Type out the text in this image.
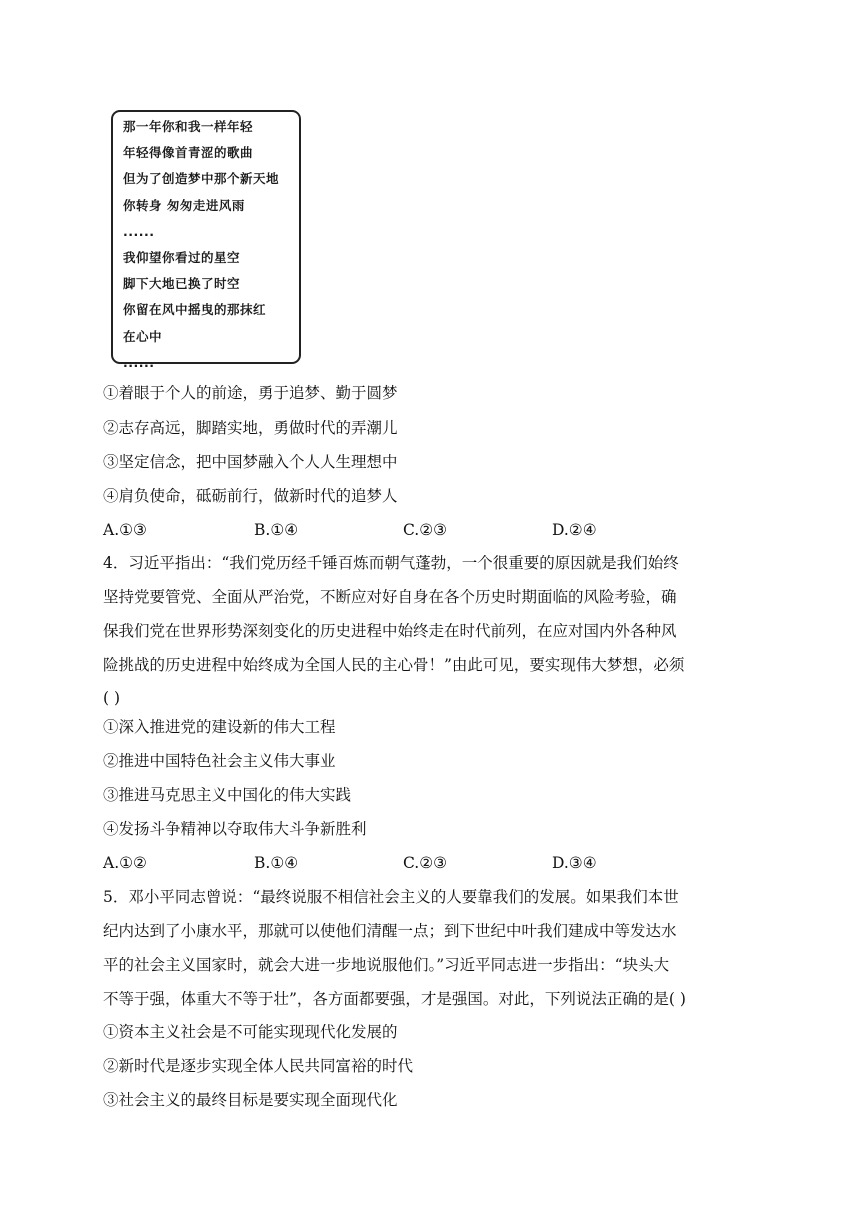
那一年你和我一样年轻
年轻得像首青涩的歌曲
但为了创造梦中那个新天地
你转身 匆匆走进风雨
......
我仰望你看过的星空
脚下大地已换了时空
你留在风中摇曳的那抹红
在心中
......
①着眼于个人的前途，勇于追梦、勤于圆梦
②志存高远，脚踏实地，勇做时代的弄潮儿
③坚定信念，把中国梦融入个人人生理想中
④肩负使命，砥砺前行，做新时代的追梦人
A.①③	B.①④	C.②③	D.②④
4．习近平指出：“我们党历经千锤百炼而朝气蓬勃，一个很重要的原因就是我们始终
坚持党要管党、全面从严治党，不断应对好自身在各个历史时期面临的风险考验，确
保我们党在世界形势深刻变化的历史进程中始终走在时代前列，在应对国内外各种风
险挑战的历史进程中始终成为全国人民的主心骨！”由此可见，要实现伟大梦想，必须
( )
①深入推进党的建设新的伟大工程
②推进中国特色社会主义伟大事业
③推进马克思主义中国化的伟大实践
④发扬斗争精神以夺取伟大斗争新胜利
A.①②	B.①④	C.②③	D.③④
5．邓小平同志曾说：“最终说服不相信社会主义的人要靠我们的发展。如果我们本世
纪内达到了小康水平，那就可以使他们清醒一点；到下世纪中叶我们建成中等发达水
平的社会主义国家时，就会大进一步地说服他们。”习近平同志进一步指出：“块头大
不等于强，体重大不等于壮”，各方面都要强，才是强国。对此，下列说法正确的是( )
①资本主义社会是不可能实现现代化发展的
②新时代是逐步实现全体人民共同富裕的时代
③社会主义的最终目标是要实现全面现代化
